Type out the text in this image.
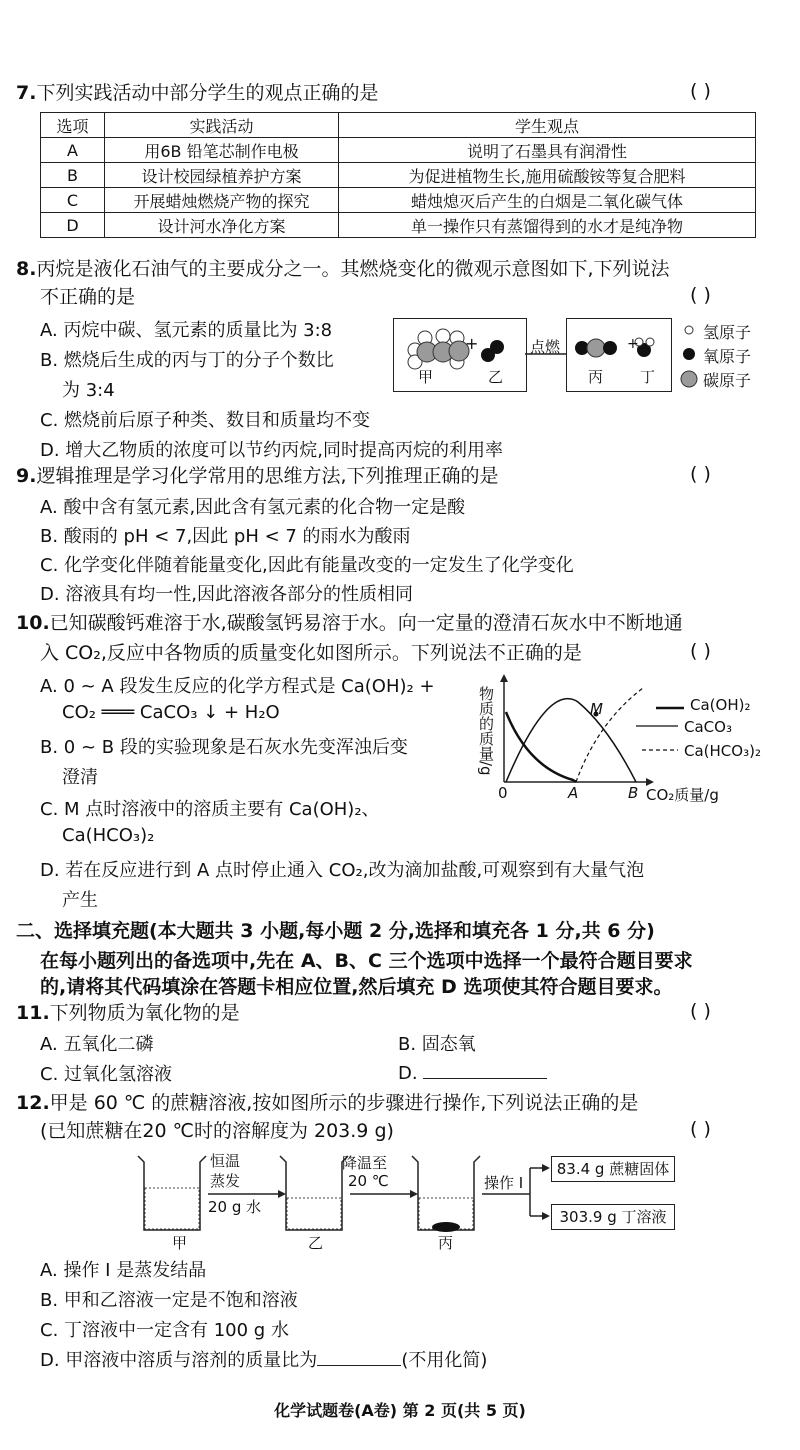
7.下列实践活动中部分学生的观点正确的是	( )
选项	实践活动	学生观点
A	用6B 铅笔芯制作电极	说明了石墨具有润滑性
B	设计校园绿植养护方案	为促进植物生长,施用硫酸铵等复合肥料
C	开展蜡烛燃烧产物的探究	蜡烛熄灭后产生的白烟是二氧化碳气体
D	设计河水净化方案	单一操作只有蒸馏得到的水才是纯净物
8.丙烷是液化石油气的主要成分之一。其燃烧变化的微观示意图如下,下列说法
不正确的是	( )
A. 丙烷中碳、氢元素的质量比为 3:8
B. 燃烧后生成的丙与丁的分子个数比
为 3:4
C. 燃烧前后原子种类、数目和质量均不变
D. 增大乙物质的浓度可以节约丙烷,同时提高丙烷的利用率
+	+
点燃
甲	乙	丙 丁
氢原子
氧原子
碳原子
9.逻辑推理是学习化学常用的思维方法,下列推理正确的是	( )
A. 酸中含有氢元素,因此含有氢元素的化合物一定是酸
B. 酸雨的 pH < 7,因此 pH < 7 的雨水为酸雨
C. 化学变化伴随着能量变化,因此有能量改变的一定发生了化学变化
D. 溶液具有均一性,因此溶液各部分的性质相同
10.已知碳酸钙难溶于水,碳酸氢钙易溶于水。向一定量的澄清石灰水中不断地通
入 CO₂,反应中各物质的质量变化如图所示。下列说法不正确的是	( )
A. 0 ~ A 段发生反应的化学方程式是 Ca(OH)₂ +
CO₂ ═══ CaCO₃ ↓ + H₂O
B. 0 ~ B 段的实验现象是石灰水先变浑浊后变
澄清
C. M 点时溶液中的溶质主要有 Ca(OH)₂、
Ca(HCO₃)₂
D. 若在反应进行到 A 点时停止通入 CO₂,改为滴加盐酸,可观察到有大量气泡
产生
物质的质量/g
0	A	B
M
CO₂质量/g
Ca(OH)₂
CaCO₃
Ca(HCO₃)₂
二、选择填充题(本大题共 3 小题,每小题 2 分,选择和填充各 1 分,共 6 分)
在每小题列出的备选项中,先在 A、B、C 三个选项中选择一个最符合题目要求
的,请将其代码填涂在答题卡相应位置,然后填充 D 选项使其符合题目要求。
11.下列物质为氧化物的是	( )
A. 五氧化二磷	B. 固态氧
C. 过氧化氢溶液	D.
12.甲是 60 ℃ 的蔗糖溶液,按如图所示的步骤进行操作,下列说法正确的是
(已知蔗糖在20 ℃时的溶解度为 203.9 g)	( )
恒温
蒸发
20 g 水
降温至
20 ℃	操作 I
83.4 g 蔗糖固体
303.9 g 丁溶液
甲	乙	丙
A. 操作 I 是蒸发结晶
B. 甲和乙溶液一定是不饱和溶液
C. 丁溶液中一定含有 100 g 水
D. 甲溶液中溶质与溶剂的质量比为	(不用化简)
化学试题卷(A卷) 第 2 页(共 5 页)
